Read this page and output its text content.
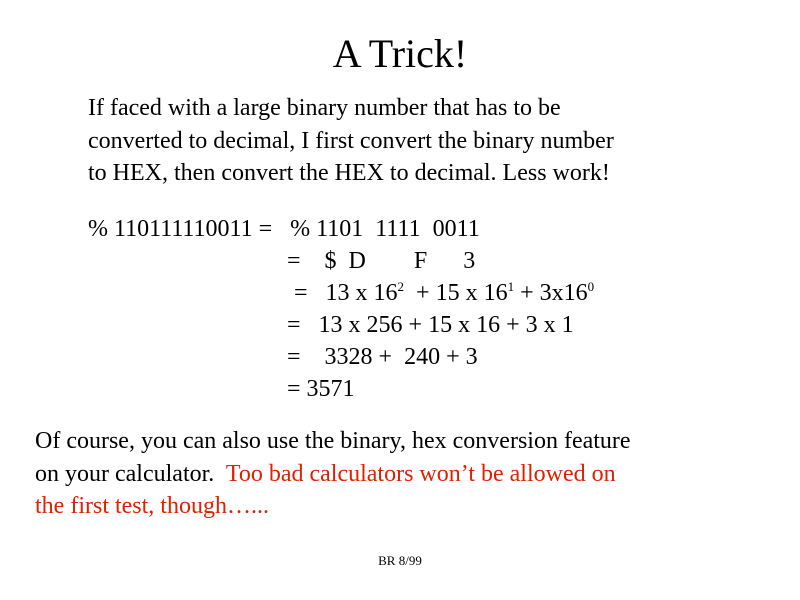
A Trick!
If faced with a large binary number that has to be
converted to decimal, I first convert the binary number
to HEX, then convert the HEX to decimal. Less work!
% 110111110011 =   % 1101  1111  0011
=    $  D        F      3
=   13 x $16^2 + 15$ x $16^1 + 3x16^0$
=   13 x 256 + 15 x 16 + 3 x 1
=    3328 +  240 + 3
= 3571
Of course, you can also use the binary, hex conversion feature
on your calculator.  Too bad calculators won’t be allowed on
the first test, though…...
BR 8/99
